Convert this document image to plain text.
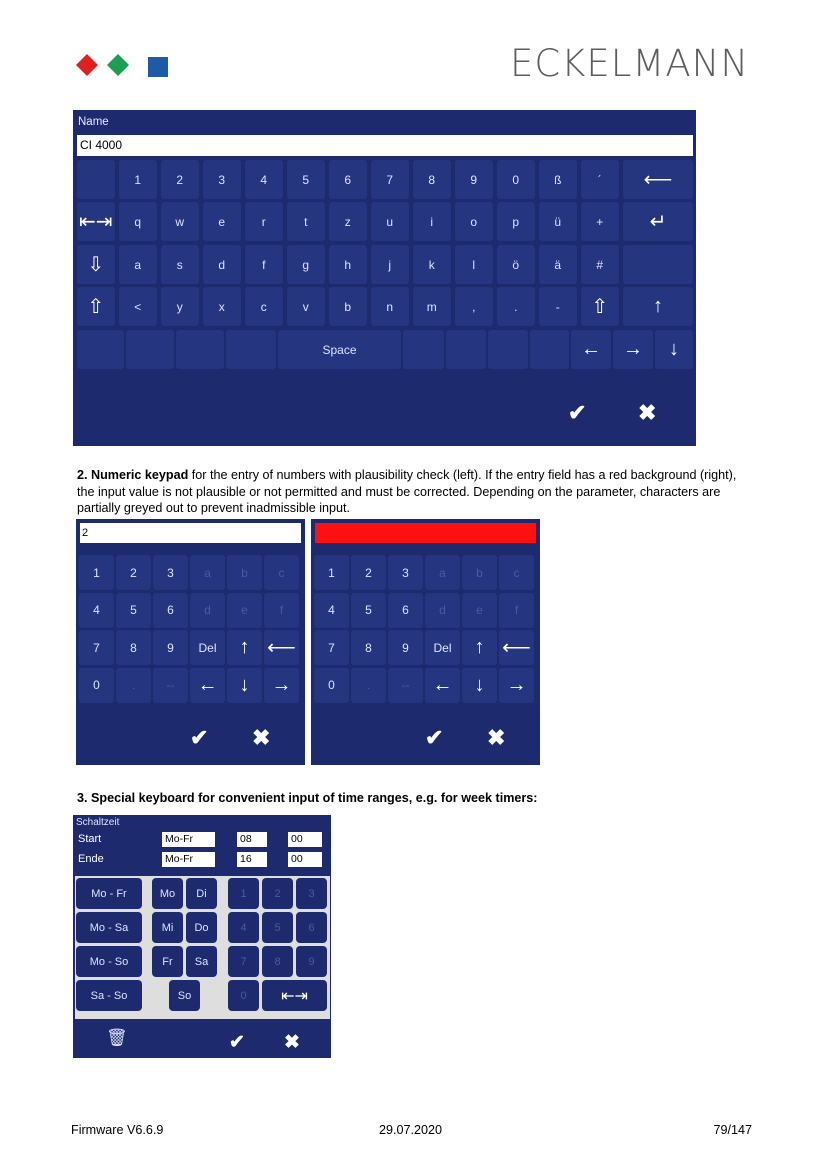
ECKELMANN
Name
CI 4000
1	2	3	4	5	6	7	8	9	0	ß	´	⟵
⇤⇥	q	w	e	r	t	z	u	i	o	p	ü	+	↵
⇩	a	s	d	f	g	h	j	k	l	ö	ä	#
⇧	<	y	x	c	v	b	n	m	,	.	-	⇧	↑
Space	←	→	↓
✔ ✖
2. Numeric keypad for the entry of numbers with plausibility check (left). If the entry field has a red background (right), the input value is not plausible or not permitted and must be corrected. Depending on the parameter, characters are partially greyed out to prevent inadmissible input.
2
1	2	3	a	b	c
4	5	6	d	e	f
7	8	9	Del	↑ ⟵
0	.	--	←	↓	→
✔ ✖
1	2	3	a	b	c
4	5	6	d	e	f
7	8	9	Del	↑ ⟵
0	.	--	←	↓	→
✔ ✖
3. Special keyboard for convenient input of time ranges, e.g. for week timers:
Schaltzeit
Start	Mo-Fr	08	: 00
Ende	Mo-Fr	16	: 00
Mo - Fr
Mo - Sa
Mo - So
Sa - So
Mo	Di
Mi	Do
Fr	Sa
So
1	2	3
4	5	6
7	8	9
0	⇤⇥
🗑	✔ ✖
Firmware V6.6.9	29.07.2020	79/147
